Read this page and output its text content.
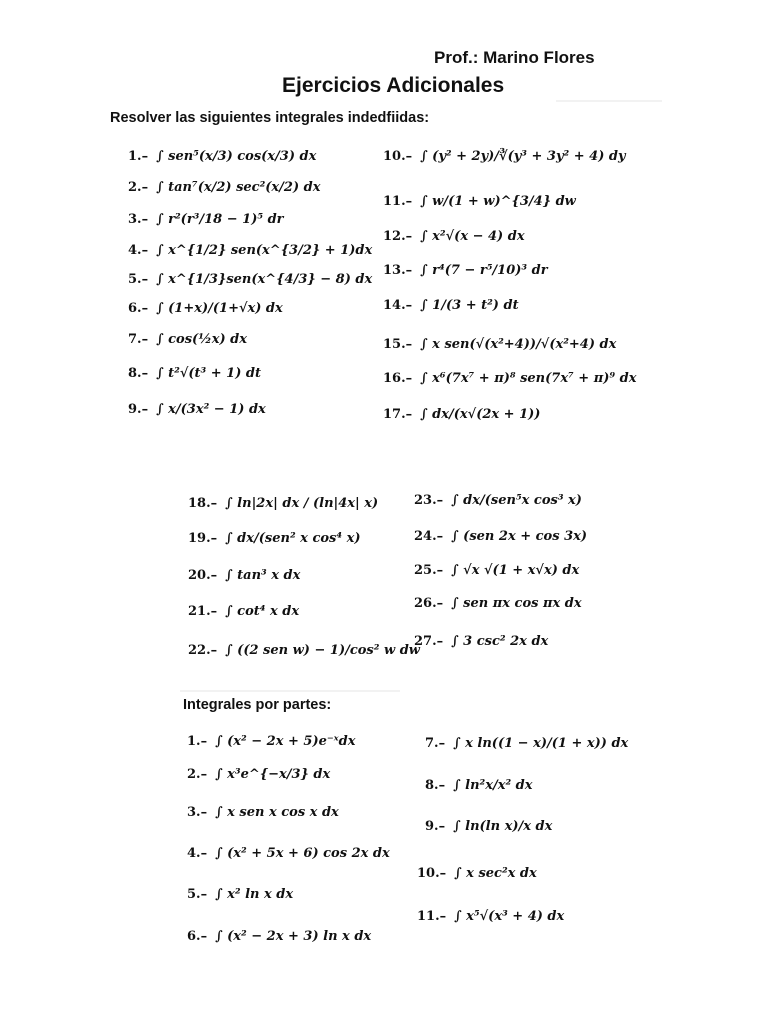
Prof.: Marino Flores
Ejercicios Adicionales
Resolver las siguientes integrales indedfiidas:
1.– ∫ sen⁵(x/3) cos(x/3) dx
2.– ∫ tan⁷(x/2) sec²(x/2) dx
3.– ∫ r²(r³/18 − 1)⁵ dr
4.– ∫ x^{1/2} sen(x^{3/2} + 1)dx
5.– ∫ x^{1/3}sen(x^{4/3} − 8) dx
6.– ∫ (1+x)/(1+√x) dx
7.– ∫ cos(½x) dx
8.– ∫ t²√(t³ + 1) dt
9.– ∫ x/(3x² − 1) dx
10.– ∫ (y² + 2y)/∛(y³ + 3y² + 4) dy
11.– ∫ w/(1 + w)^{3/4} dw
12.– ∫ x²√(x − 4) dx
13.– ∫ r⁴(7 − r⁵/10)³ dr
14.– ∫ 1/(3 + t²) dt
15.– ∫ x sen(√(x²+4))/√(x²+4) dx
16.– ∫ x⁶(7x⁷ + π)⁸ sen(7x⁷ + π)⁹ dx
17.– ∫ dx/(x√(2x + 1))
18.– ∫ ln|2x| dx / (ln|4x| x)
19.– ∫ dx/(sen² x cos⁴ x)
20.– ∫ tan³ x dx
21.– ∫ cot⁴ x dx
22.– ∫ ((2 sen w) − 1)/cos² w dw
23.– ∫ dx/(sen⁵x cos³ x)
24.– ∫ (sen 2x + cos 3x)
25.– ∫ √x √(1 + x√x) dx
26.– ∫ sen πx cos πx dx
27.– ∫ 3 csc² 2x dx
Integrales por partes:
1.– ∫ (x² − 2x + 5)e⁻ˣdx
2.– ∫ x³e^{−x/3} dx
3.– ∫ x sen x cos x dx
4.– ∫ (x² + 5x + 6) cos 2x dx
5.– ∫ x² ln x dx
6.– ∫ (x² − 2x + 3) ln x dx
7.– ∫ x ln((1 − x)/(1 + x)) dx
8.– ∫ ln²x/x² dx
9.– ∫ ln(ln x)/x dx
10.– ∫ x sec²x dx
11.– ∫ x⁵√(x³ + 4) dx
